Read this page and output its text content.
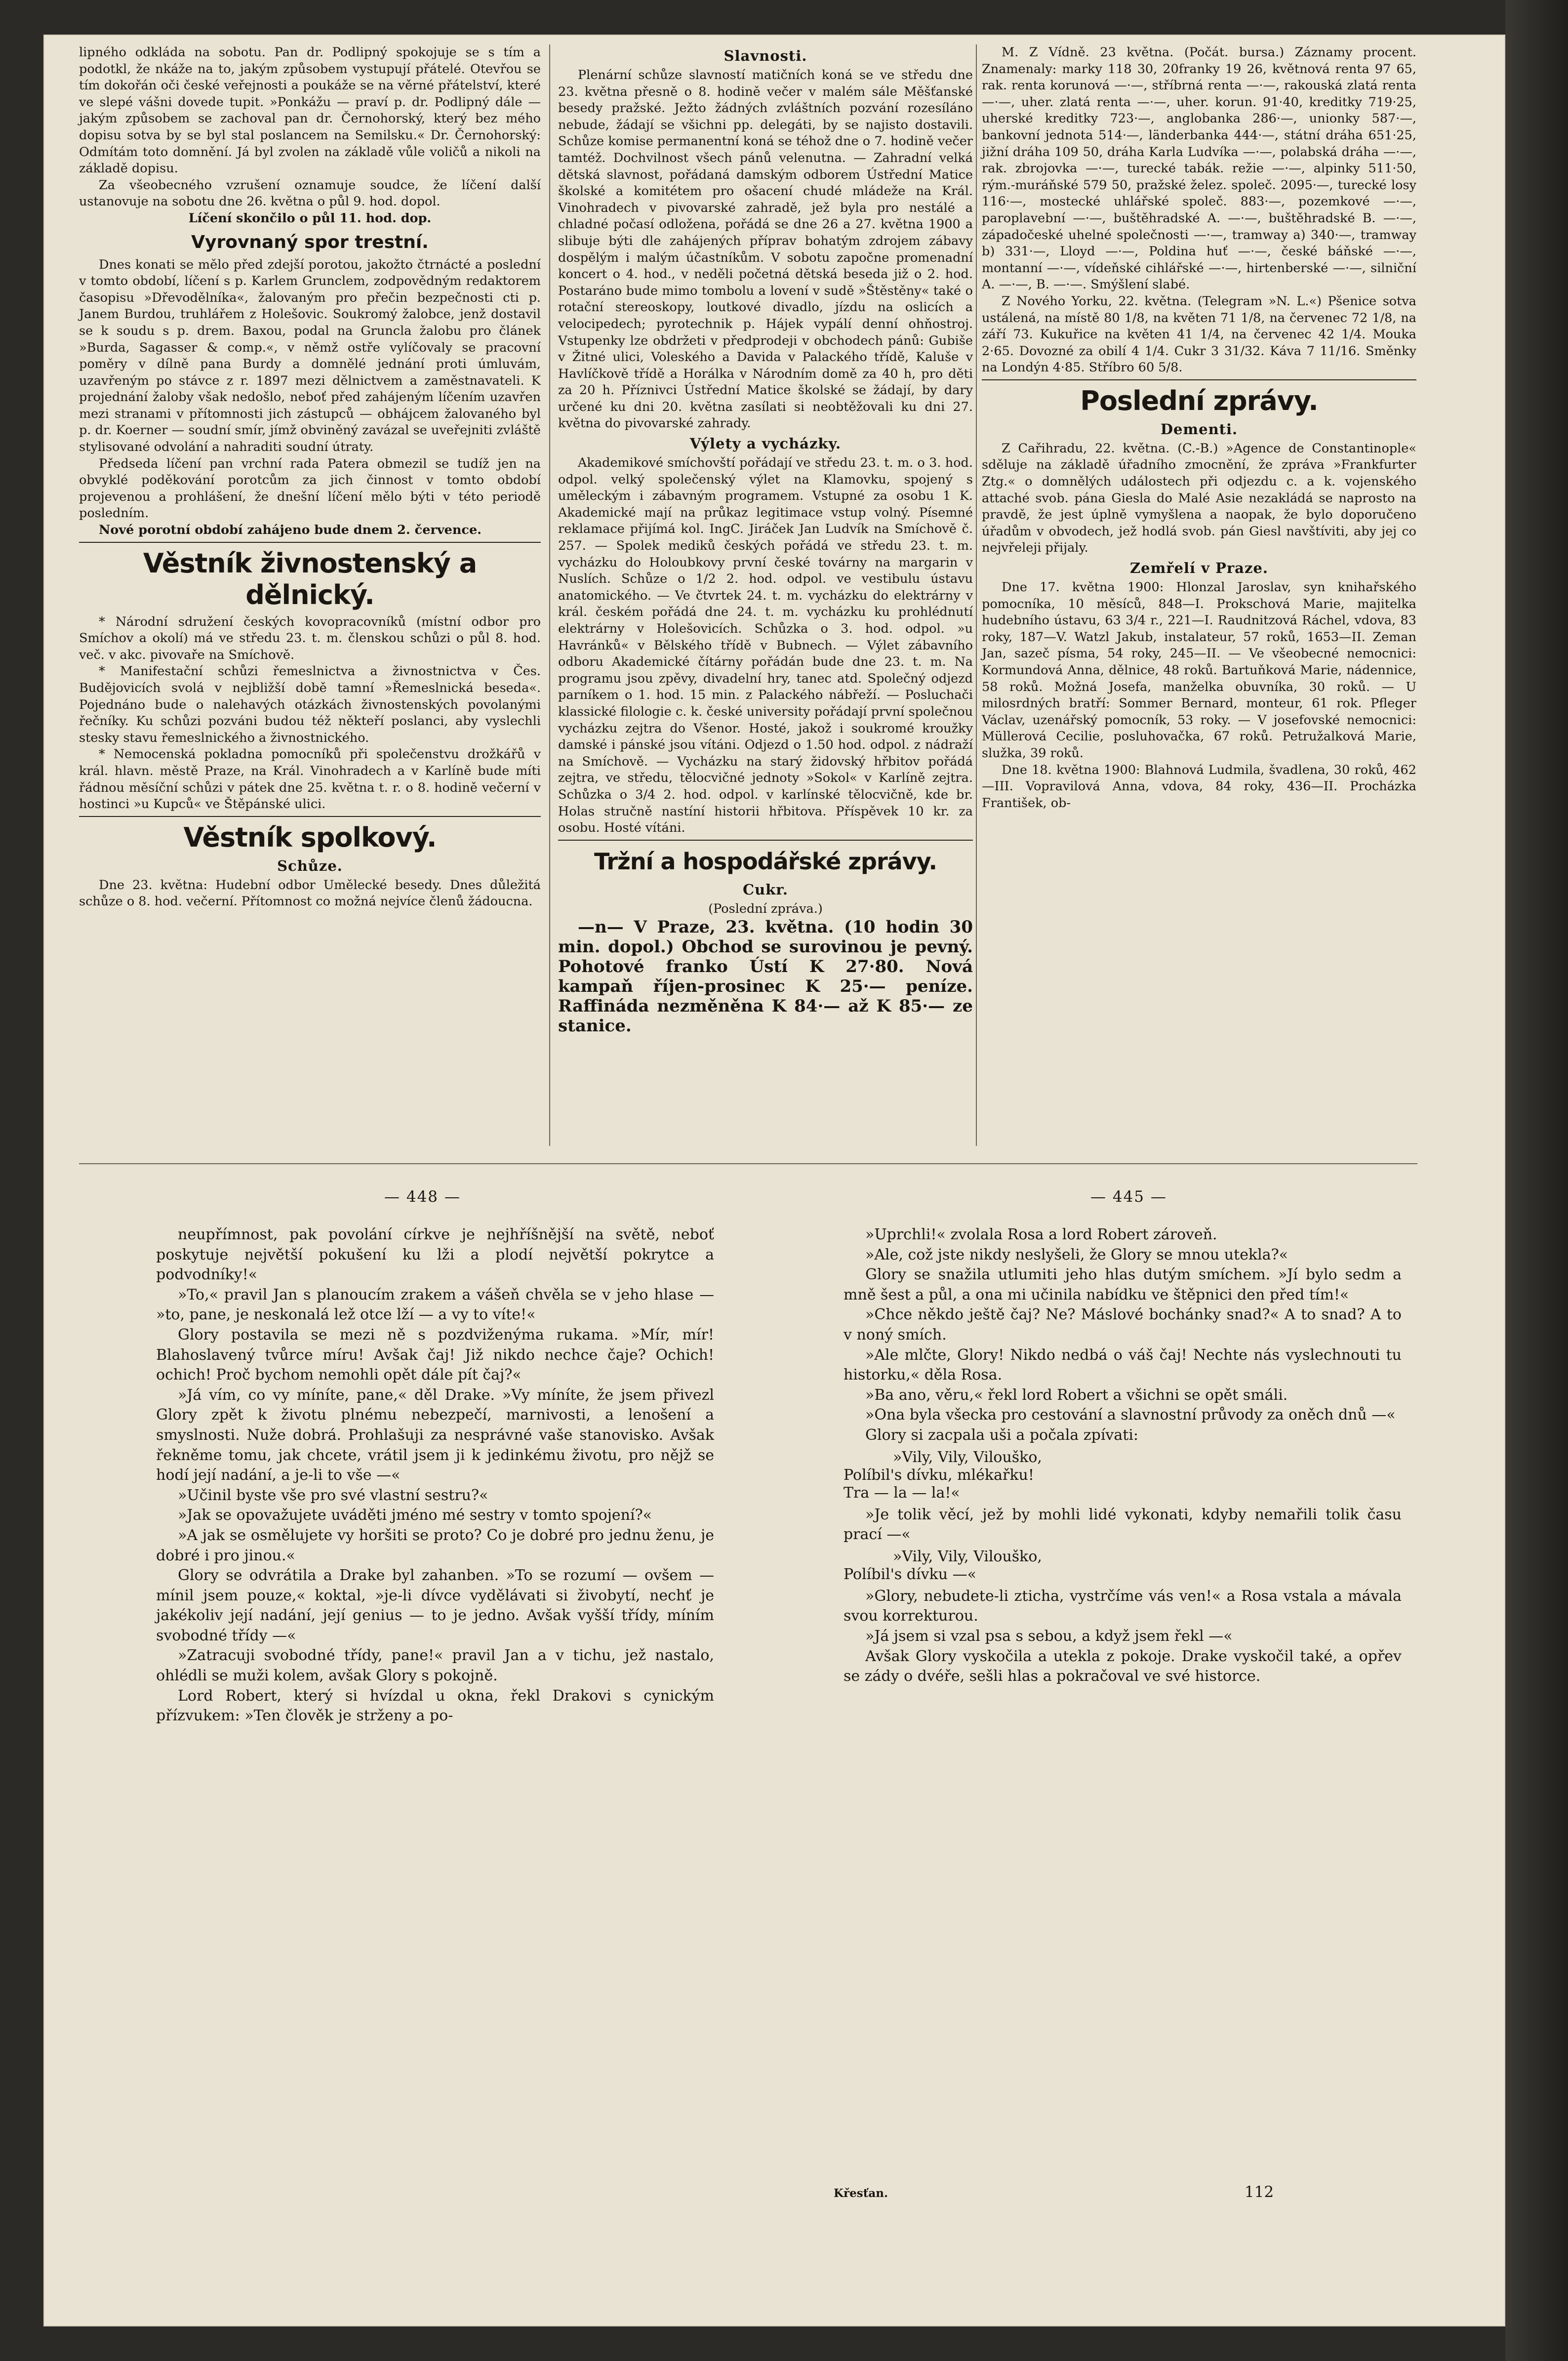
lipného odkláda na sobotu. Pan dr. Podlipný spokojuje se s tím a podotkl, že nkáže na to, jakým způsobem vystupují přátelé. Otevřou se tím dokořán oči české veřejnosti a poukáže se na věrné přátelství, které ve slepé vášni dovede tupit. »Ponkážu — praví p. dr. Podlipný dále — jakým způsobem se zachoval pan dr. Černohorský, který bez mého dopisu sotva by se byl stal poslancem na Semilsku.« Dr. Černohorský: Odmítám toto domnění. Já byl zvolen na základě vůle voličů a nikoli na základě dopisu.

Za všeobecného vzrušení oznamuje soudce, že líčení další ustanovuje na sobotu dne 26. května o půl 9. hod. dopol.

Líčení skončilo o půl 11. hod. dop.

Vyrovnaný spor trestní.

Dnes konati se mělo před zdejší porotou, jakožto čtrnácté a poslední v tomto období, líčení s p. Karlem Grunclem, zodpovědným redaktorem časopisu »Dřevodělníka«, žalovaným pro přečin bezpečnosti cti p. Janem Burdou, truhlářem z Holešovic. Soukromý žalobce, jenž dostavil se k soudu s p. drem. Baxou, podal na Gruncla žalobu pro článek »Burda, Sagasser & comp.«, v němž ostře vylíčovaly se pracovní poměry v dílně pana Burdy a domnělé jednání proti úmluvám, uzavřeným po stávce z r. 1897 mezi dělnictvem a zaměstnavateli. K projednání žaloby však nedošlo, neboť před zahájeným líčením uzavřen mezi stranami v přítomnosti jich zástupců — obhájcem žalovaného byl p. dr. Koerner — soudní smír, jímž obviněný zavázal se uveřejniti zvláště stylisované odvolání a nahraditi soudní útraty.

Předseda líčení pan vrchní rada Patera obmezil se tudíž jen na obvyklé poděkování porotcům za jich činnost v tomto období projevenou a prohlášení, že dnešní líčení mělo býti v této periodě posledním.

Nové porotní období zahájeno bude dnem 2. července.

Věstník živnostenský a dělnický.

* Národní sdružení českých kovopracovníků (místní odbor pro Smíchov a okolí) má ve středu 23. t. m. členskou schůzi o půl 8. hod. več. v akc. pivovaře na Smíchově.

* Manifestační schůzi řemeslnictva a živnostnictva v Čes. Budějovicích svolá v nejbližší době tamní »Řemeslnická beseda«. Pojednáno bude o nalehavých otázkách živnostenských povolanými řečníky. Ku schůzi pozváni budou též někteří poslanci, aby vyslechli stesky stavu řemeslnického a živnostnického.

* Nemocenská pokladna pomocníků při společenstvu drožkářů v král. hlavn. městě Praze, na Král. Vinohradech a v Karlíně bude míti řádnou měsíční schůzi v pátek dne 25. května t. r. o 8. hodině večerní v hostinci »u Kupců« ve Štěpánské ulici.

Věstník spolkový.
Schůze.

Dne 23. května: Hudební odbor Umělecké besedy. Dnes důležitá schůze o 8. hod. večerní. Přítomnost co možná nejvíce členů žádoucna.

Slavnosti.

Plenární schůze slavností matičních koná se ve středu dne 23. května přesně o 8. hodině večer v malém sále Měšťanské besedy pražské. Ježto žádných zvláštních pozvání rozesíláno nebude, žádají se všichni pp. delegáti, by se najisto dostavili. Schůze komise permanentní koná se téhož dne o 7. hodině večer tamtéž. Dochvilnost všech pánů velenutna. — Zahradní velká dětská slavnost, pořádaná damským odborem Ústřední Matice školské a komitétem pro ošacení chudé mládeže na Král. Vinohradech v pivovarské zahradě, jež byla pro nestálé a chladné počasí odložena, pořádá se dne 26 a 27. května 1900 a slibuje býti dle zahájených příprav bohatým zdrojem zábavy dospělým i malým účastníkům. V sobotu započne promenadní koncert o 4. hod., v neděli početná dětská beseda již o 2. hod. Postaráno bude mimo tombolu a lovení v sudě »Štěstěny« také o rotační stereoskopy, loutkové divadlo, jízdu na oslicích a velocipedech; pyrotechnik p. Hájek vypálí denní ohňostroj. Vstupenky lze obdržeti v předprodeji v obchodech pánů: Gubiše v Žitné ulici, Voleského a Davida v Palackého třídě, Kaluše v Havlíčkově třídě a Horálka v Národním domě za 40 h, pro děti za 20 h. Příznivci Ústřední Matice školské se žádají, by dary určené ku dni 20. května zasílati si neobtěžovali ku dni 27. května do pivovarské zahrady.

Výlety a vycházky.

Akademikové smíchovští pořádají ve středu 23. t. m. o 3. hod. odpol. velký společenský výlet na Klamovku, spojený s uměleckým i zábavným programem. Vstupné za osobu 1 K. Akademické mají na průkaz legitimace vstup volný. Písemné reklamace přijímá kol. IngC. Jiráček Jan Ludvík na Smíchově č. 257. — Spolek mediků českých pořádá ve středu 23. t. m. vycházku do Holoubkovy první české továrny na margarin v Nuslích. Schůze o 1/2 2. hod. odpol. ve vestibulu ústavu anatomického. — Ve čtvrtek 24. t. m. vycházku do elektrárny v král. českém pořádá dne 24. t. m. vycházku ku prohlédnutí elektrárny v Holešovicích. Schůzka o 3. hod. odpol. »u Havránků« v Bělského třídě v Bubnech. — Výlet zábavního odboru Akademické čítárny pořádán bude dne 23. t. m. Na programu jsou zpěvy, divadelní hry, tanec atd. Společný odjezd parníkem o 1. hod. 15 min. z Palackého nábřeží. — Posluchači klassické filologie c. k. české university pořádají první společnou vycházku zejtra do Všenor. Hosté, jakož i soukromé kroužky damské i pánské jsou vítáni. Odjezd o 1.50 hod. odpol. z nádraží na Smíchově. — Vycházku na starý židovský hřbitov pořádá zejtra, ve středu, tělocvičné jednoty »Sokol« v Karlíně zejtra. Schůzka o 3/4 2. hod. odpol. v karlínské tělocvičně, kde br. Holas stručně nastíní historii hřbitova. Příspěvek 10 kr. za osobu. Hosté vítáni.

Tržní a hospodářské zprávy.
Cukr.

(Poslední zpráva.)

—n— V Praze, 23. května. (10 hodin 30 min. dopol.) Obchod se surovinou je pevný. Pohotové franko Ústí K 27·80. Nová kampaň říjen-prosinec K 25·— peníze. Raffináda nezměněna K 84·— až K 85·— ze stanice.

M. Z Vídně. 23 května. (Počát. bursa.) Záznamy procent. Znamenaly: marky 118 30, 20franky 19 26, květnová renta 97 65, rak. renta korunová —·—, stříbrná renta —·—, rakouská zlatá renta —·—, uher. zlatá renta —·—, uher. korun. 91·40, kreditky 719·25, uherské kreditky 723·—, anglobanka 286·—, unionky 587·—, bankovní jednota 514·—, länderbanka 444·—, státní dráha 651·25, jižní dráha 109 50, dráha Karla Ludvíka —·—, polabská dráha —·—, rak. zbrojovka —·—, turecké tabák. režie —·—, alpinky 511·50, rým.-muráňské 579 50, pražské želez. společ. 2095·—, turecké losy 116·—, mostecké uhlářské společ. 883·—, pozemkové —·—, paroplavební —·—, buštěhradské A. —·—, buštěhradské B. —·—, západočeské uhelné společnosti —·—, tramway a) 340·—, tramway b) 331·—, Lloyd —·—, Poldina huť —·—, české báňské —·—, montanní —·—, vídeňské cihlářské —·—, hirtenberské —·—, silniční A. —·—, B. —·—. Smýšlení slabé.

Z Nového Yorku, 22. května. (Telegram »N. L.«) Pšenice sotva ustálená, na místě 80 1/8, na květen 71 1/8, na červenec 72 1/8, na září 73. Kukuřice na květen 41 1/4, na červenec 42 1/4. Mouka 2·65. Dovozné za obilí 4 1/4. Cukr 3 31/32. Káva 7 11/16. Směnky na Londýn 4·85. Stříbro 60 5/8.

Poslední zprávy.
Dementi.

Z Cařihradu, 22. května. (C.-B.) »Agence de Constantinople« sděluje na základě úřadního zmocnění, že zpráva »Frankfurter Ztg.« o domnělých událostech při odjezdu c. a k. vojenského attaché svob. pána Giesla do Malé Asie nezakládá se naprosto na pravdě, že jest úplně vymyšlena a naopak, že bylo doporučeno úřadům v obvodech, jež hodlá svob. pán Giesl navštíviti, aby jej co nejvřeleji přijaly.

Zemřelí v Praze.

Dne 17. května 1900: Hlonzal Jaroslav, syn knihařského pomocníka, 10 měsíců, 848—I. Prokschová Marie, majitelka hudebního ústavu, 63 3/4 r., 221—I. Raudnitzová Ráchel, vdova, 83 roky, 187—V. Watzl Jakub, instalateur, 57 roků, 1653—II. Zeman Jan, sazeč písma, 54 roky, 245—II. — Ve všeobecné nemocnici: Kormundová Anna, dělnice, 48 roků. Bartuňková Marie, nádennice, 58 roků. Možná Josefa, manželka obuvníka, 30 roků. — U milosrdných bratří: Sommer Bernard, monteur, 61 rok. Pfleger Václav, uzenářský pomocník, 53 roky. — V josefovské nemocnici: Müllerová Cecilie, posluhovačka, 67 roků. Petružalková Marie, služka, 39 roků.

Dne 18. května 1900: Blahnová Ludmila, švadlena, 30 roků, 462—III. Vopravilová Anna, vdova, 84 roky, 436—II. Procházka František, ob-

— 448 —	— 445 —

neupřímnost, pak povolání církve je nejhříšnější na světě, neboť poskytuje největší pokušení ku lži a plodí největší pokrytce a podvodníky!«

»To,« pravil Jan s planoucím zrakem a vášeň chvěla se v jeho hlase — »to, pane, je neskonalá lež otce lží — a vy to víte!«

Glory postavila se mezi ně s pozdviženýma rukama. »Mír, mír! Blahoslavený tvůrce míru! Avšak čaj! Již nikdo nechce čaje? Ochich! ochich! Proč bychom nemohli opět dále pít čaj?«

»Já vím, co vy míníte, pane,« děl Drake. »Vy míníte, že jsem přivezl Glory zpět k životu plnému nebezpečí, marnivosti, a lenošení a smyslnosti. Nuže dobrá. Prohlašuji za nesprávné vaše stanovisko. Avšak řekněme tomu, jak chcete, vrátil jsem ji k jedinkému životu, pro nějž se hodí její nadání, a je-li to vše —«

»Učinil byste vše pro své vlastní sestru?«

»Jak se opovažujete uváděti jméno mé sestry v tomto spojení?«

»A jak se osmělujete vy horšiti se proto? Co je dobré pro jednu ženu, je dobré i pro jinou.«

Glory se odvrátila a Drake byl zahanben. »To se rozumí — ovšem — mínil jsem pouze,« koktal, »je-li dívce vydělávati si živobytí, nechť je jakékoliv její nadání, její genius — to je jedno. Avšak vyšší třídy, míním svobodné třídy —«

»Zatracuji svobodné třídy, pane!« pravil Jan a v tichu, jež nastalo, ohlédli se muži kolem, avšak Glory s pokojně.

Lord Robert, který si hvízdal u okna, řekl Drakovi s cynickým přízvukem: »Ten člověk je strženy a po-

»Uprchli!« zvolala Rosa a lord Robert zároveň.

»Ale, což jste nikdy neslyšeli, že Glory se mnou utekla?«

Glory se snažila utlumiti jeho hlas dutým smíchem. »Jí bylo sedm a mně šest a půl, a ona mi učinila nabídku ve štěpnici den před tím!«

»Chce někdo ještě čaj? Ne? Máslové bochánky snad?« A to snad? A to v noný smích.

»Ale mlčte, Glory! Nikdo nedbá o váš čaj! Nechte nás vyslechnouti tu historku,« děla Rosa.

»Ba ano, věru,« řekl lord Robert a všichni se opět smáli.

»Ona byla všecka pro cestování a slavnostní průvody za oněch dnů —«

Glory si zacpala uši a počala zpívati:

»Vily, Vily, Vilouško,
Políbil's dívku, mlékařku!
Tra — la — la!«

»Je tolik věcí, jež by mohli lidé vykonati, kdyby nemařili tolik času prací —«

»Vily, Vily, Vilouško,
Políbil's dívku —«

»Glory, nebudete-li zticha, vystrčíme vás ven!« a Rosa vstala a mávala svou korrekturou.

»Já jsem si vzal psa s sebou, a když jsem řekl —«

Avšak Glory vyskočila a utekla z pokoje. Drake vyskočil také, a opřev se zády o dvéře, sešli hlas a pokračoval ve své historce.

Křesťan.	112
